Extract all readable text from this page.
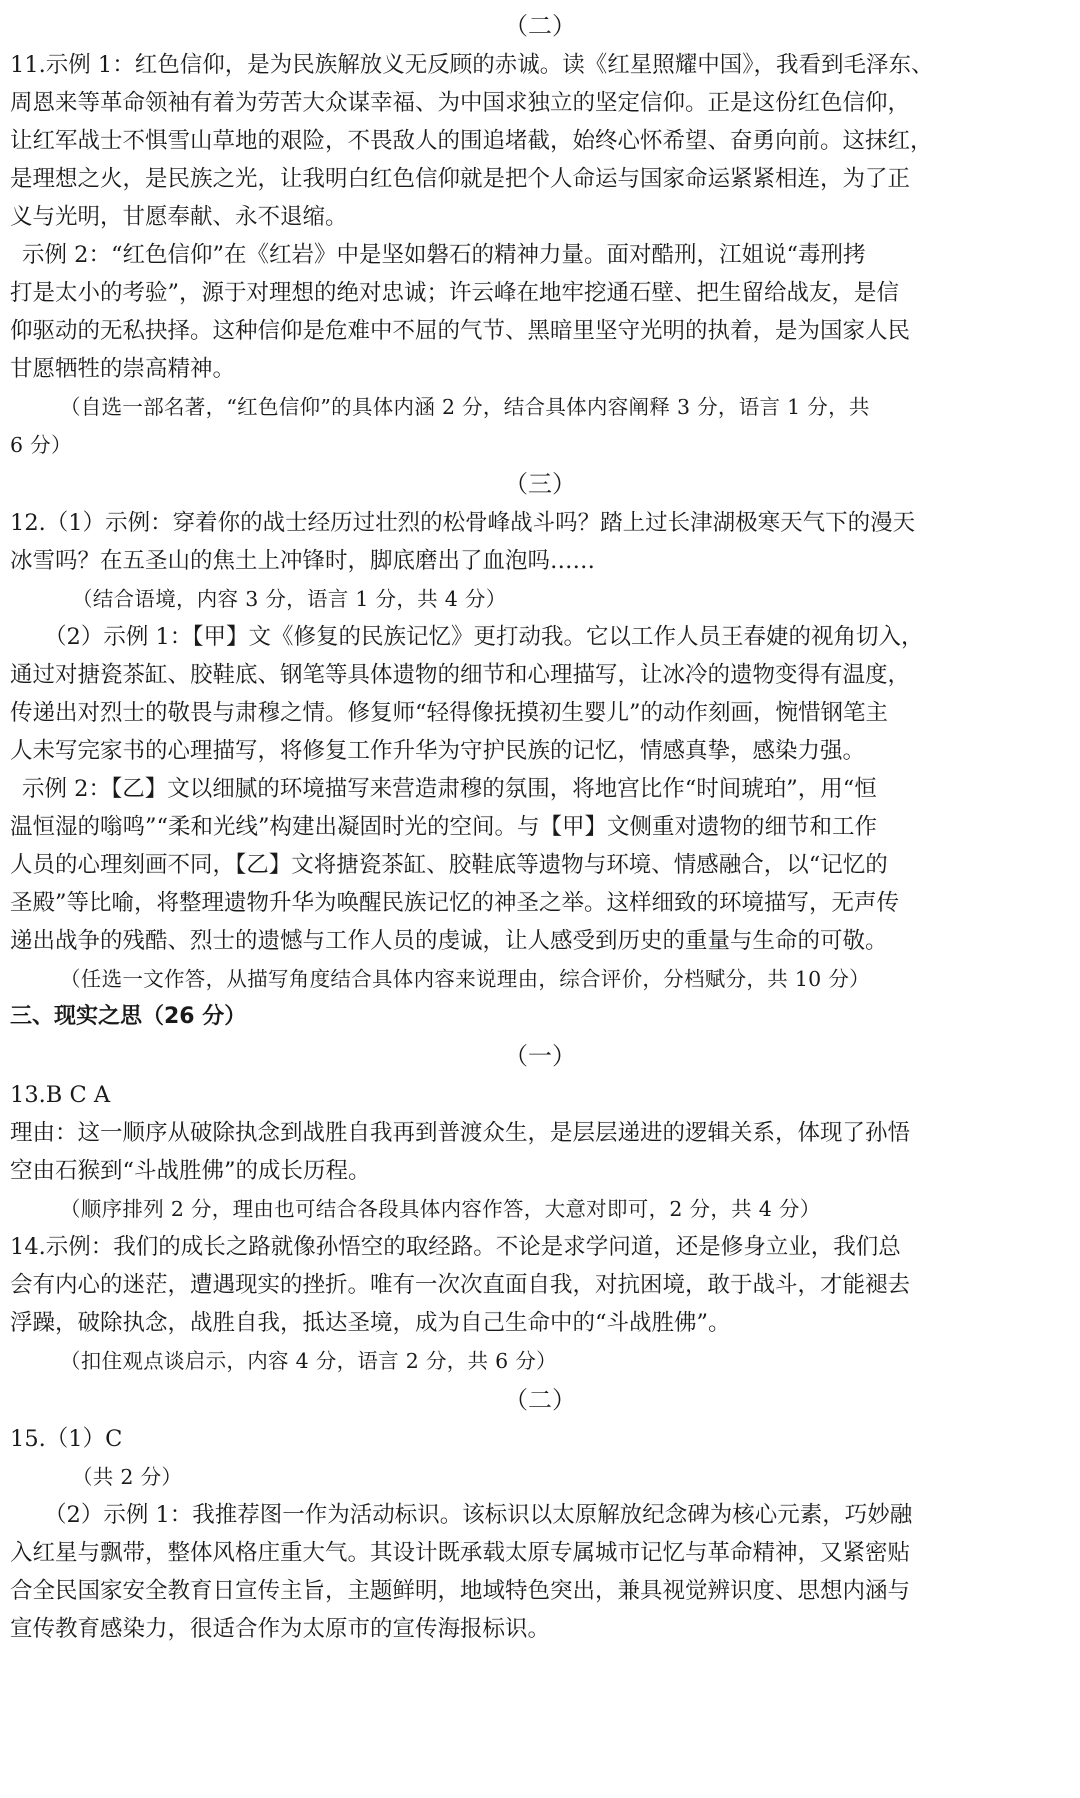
（二）
11.示例 1：红色信仰，是为民族解放义无反顾的赤诚。读《红星照耀中国》，我看到毛泽东、
周恩来等革命领袖有着为劳苦大众谋幸福、为中国求独立的坚定信仰。正是这份红色信仰，
让红军战士不惧雪山草地的艰险，不畏敌人的围追堵截，始终心怀希望、奋勇向前。这抹红，
是理想之火，是民族之光，让我明白红色信仰就是把个人命运与国家命运紧紧相连，为了正
义与光明，甘愿奉献、永不退缩。
示例 2：“红色信仰”在《红岩》中是坚如磐石的精神力量。面对酷刑，江姐说“毒刑拷
打是太小的考验”，源于对理想的绝对忠诚；许云峰在地牢挖通石壁、把生留给战友，是信
仰驱动的无私抉择。这种信仰是危难中不屈的气节、黑暗里坚守光明的执着，是为国家人民
甘愿牺牲的崇高精神。
（自选一部名著，“红色信仰”的具体内涵 2 分，结合具体内容阐释 3 分，语言 1 分，共
6 分）
（三）
12.（1）示例：穿着你的战士经历过壮烈的松骨峰战斗吗？踏上过长津湖极寒天气下的漫天
冰雪吗？在五圣山的焦土上冲锋时，脚底磨出了血泡吗……
（结合语境，内容 3 分，语言 1 分，共 4 分）
（2）示例 1：【甲】文《修复的民族记忆》更打动我。它以工作人员王春婕的视角切入，
通过对搪瓷茶缸、胶鞋底、钢笔等具体遗物的细节和心理描写，让冰冷的遗物变得有温度，
传递出对烈士的敬畏与肃穆之情。修复师“轻得像抚摸初生婴儿”的动作刻画，惋惜钢笔主
人未写完家书的心理描写，将修复工作升华为守护民族的记忆，情感真挚，感染力强。
示例 2：【乙】文以细腻的环境描写来营造肃穆的氛围，将地宫比作“时间琥珀”，用“恒
温恒湿的嗡鸣”“柔和光线”构建出凝固时光的空间。与【甲】文侧重对遗物的细节和工作
人员的心理刻画不同，【乙】文将搪瓷茶缸、胶鞋底等遗物与环境、情感融合，以“记忆的
圣殿”等比喻，将整理遗物升华为唤醒民族记忆的神圣之举。这样细致的环境描写，无声传
递出战争的残酷、烈士的遗憾与工作人员的虔诚，让人感受到历史的重量与生命的可敬。
（任选一文作答，从描写角度结合具体内容来说理由，综合评价，分档赋分，共 10 分）
三、现实之思（26 分）
（一）
13.B C A
理由：这一顺序从破除执念到战胜自我再到普渡众生，是层层递进的逻辑关系，体现了孙悟
空由石猴到“斗战胜佛”的成长历程。
（顺序排列 2 分，理由也可结合各段具体内容作答，大意对即可，2 分，共 4 分）
14.示例：我们的成长之路就像孙悟空的取经路。不论是求学问道，还是修身立业，我们总
会有内心的迷茫，遭遇现实的挫折。唯有一次次直面自我，对抗困境，敢于战斗，才能褪去
浮躁，破除执念，战胜自我，抵达圣境，成为自己生命中的“斗战胜佛”。
（扣住观点谈启示，内容 4 分，语言 2 分，共 6 分）
（二）
15.（1）C
（共 2 分）
（2）示例 1：我推荐图一作为活动标识。该标识以太原解放纪念碑为核心元素，巧妙融
入红星与飘带，整体风格庄重大气。其设计既承载太原专属城市记忆与革命精神，又紧密贴
合全民国家安全教育日宣传主旨，主题鲜明，地域特色突出，兼具视觉辨识度、思想内涵与
宣传教育感染力，很适合作为太原市的宣传海报标识。
